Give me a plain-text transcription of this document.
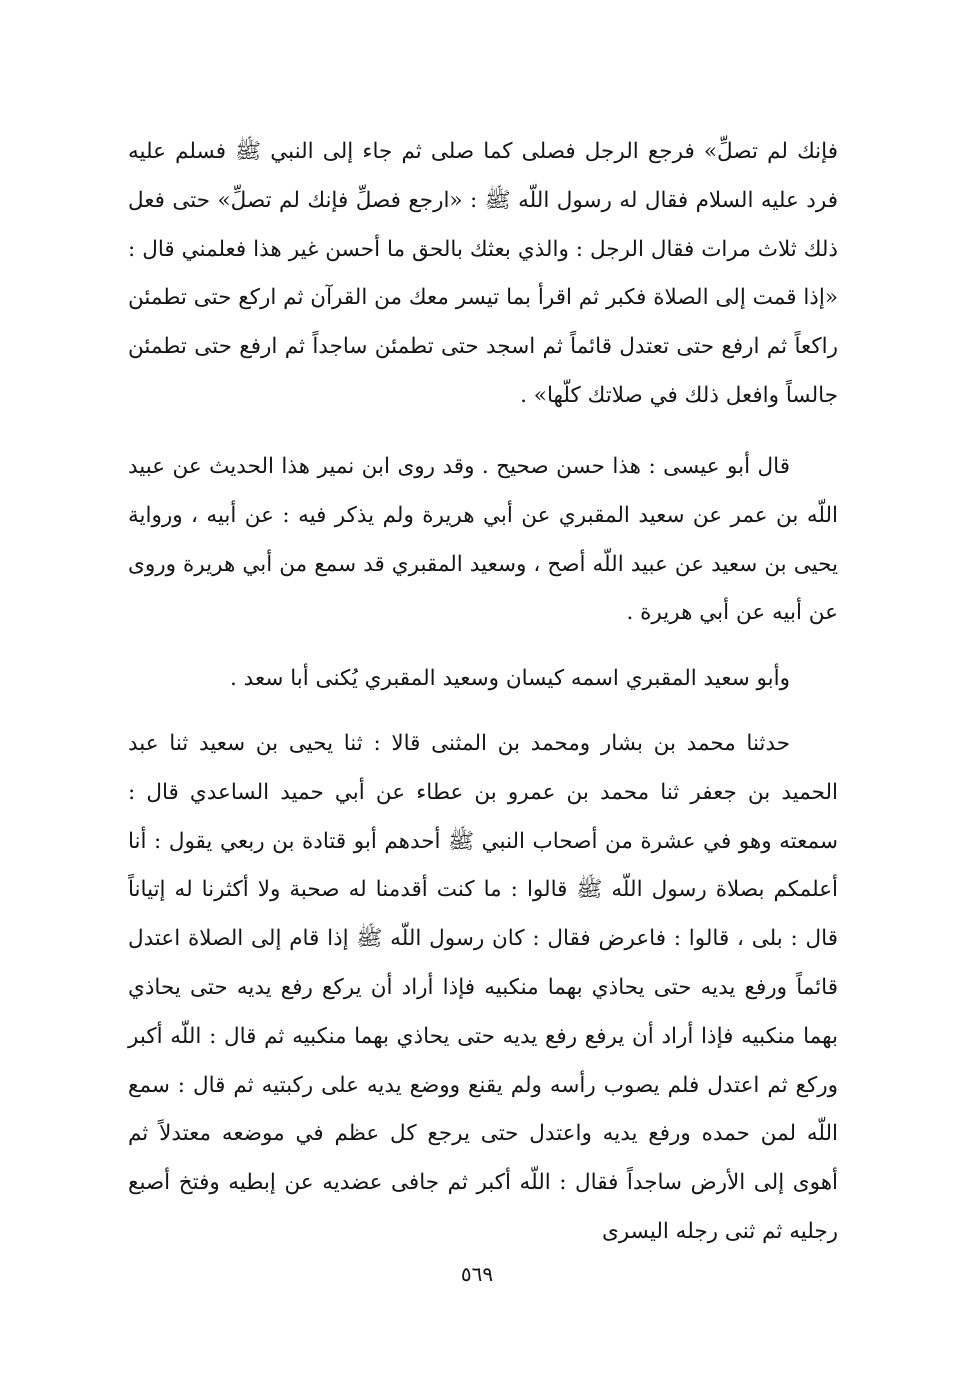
فإنك لم تصلِّ» فرجع الرجل فصلى كما صلى ثم جاء إلى النبي ﷺ فسلم عليه فرد عليه السلام فقال له رسول اللّه ﷺ : «ارجع فصلِّ فإنك لم تصلِّ» حتى فعل ذلك ثلاث مرات فقال الرجل : والذي بعثك بالحق ما أحسن غير هذا فعلمني قال : «إذا قمت إلى الصلاة فكبر ثم اقرأ بما تيسر معك من القرآن ثم اركع حتى تطمئن راكعاً ثم ارفع حتى تعتدل قائماً ثم اسجد حتى تطمئن ساجداً ثم ارفع حتى تطمئن جالساً وافعل ذلك في صلاتك كلّها» .

قال أبو عيسى : هذا حسن صحيح . وقد روى ابن نمير هذا الحديث عن عبيد اللّه بن عمر عن سعيد المقبري عن أبي هريرة ولم يذكر فيه : عن أبيه ، ورواية يحيى بن سعيد عن عبيد اللّه أصح ، وسعيد المقبري قد سمع من أبي هريرة وروى عن أبيه عن أبي هريرة .

وأبو سعيد المقبري اسمه كيسان وسعيد المقبري يُكنى أبا سعد .

حدثنا محمد بن بشار ومحمد بن المثنى قالا : ثنا يحيى بن سعيد ثنا عبد الحميد بن جعفر ثنا محمد بن عمرو بن عطاء عن أبي حميد الساعدي قال : سمعته وهو في عشرة من أصحاب النبي ﷺ أحدهم أبو قتادة بن ربعي يقول : أنا أعلمكم بصلاة رسول اللّه ﷺ قالوا : ما كنت أقدمنا له صحبة ولا أكثرنا له إتياناً قال : بلى ، قالوا : فاعرض فقال : كان رسول اللّه ﷺ إذا قام إلى الصلاة اعتدل قائماً ورفع يديه حتى يحاذي بهما منكبيه فإذا أراد أن يركع رفع يديه حتى يحاذي بهما منكبيه فإذا أراد أن يرفع رفع يديه حتى يحاذي بهما منكبيه ثم قال : اللّه أكبر وركع ثم اعتدل فلم يصوب رأسه ولم يقنع ووضع يديه على ركبتيه ثم قال : سمع اللّه لمن حمده ورفع يديه واعتدل حتى يرجع كل عظم في موضعه معتدلاً ثم أهوى إلى الأرض ساجداً فقال : اللّه أكبر ثم جافى عضديه عن إبطيه وفتخ أصبع رجليه ثم ثنى رجله اليسرى

٥٦٩
